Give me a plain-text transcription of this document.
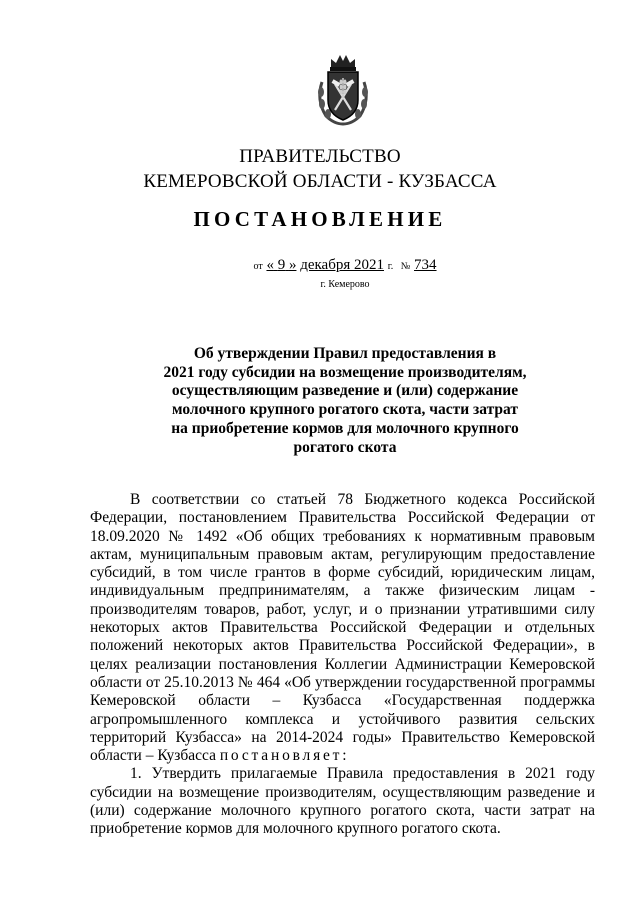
ПРАВИТЕЛЬСТВО
КЕМЕРОВСКОЙ ОБЛАСТИ - КУЗБАССА
ПОСТАНОВЛЕНИЕ
от « 9 » декабря 2021 г. № 734
г. Кемерово
Об утверждении Правил предоставления в
2021 году субсидии на возмещение производителям,
осуществляющим разведение и (или) содержание
молочного крупного рогатого скота, части затрат
на приобретение кормов для молочного крупного
рогатого скота

В соответствии со статьей 78 Бюджетного кодекса Российской Федерации, постановлением Правительства Российской Федерации от 18.09.2020 № 1492 «Об общих требованиях к нормативным правовым актам, муниципальным правовым актам, регулирующим предоставление субсидий, в том числе грантов в форме субсидий, юридическим лицам, индивидуальным предпринимателям, а также физическим лицам - производителям товаров, работ, услуг, и о признании утратившими силу некоторых актов Правительства Российской Федерации и отдельных положений некоторых актов Правительства Российской Федерации», в целях реализации постановления Коллегии Администрации Кемеровской области от 25.10.2013 № 464 «Об утверждении государственной программы Кемеровской области – Кузбасса «Государственная поддержка агропромышленного комплекса и устойчивого развития сельских территорий Кузбасса» на 2014-2024 годы» Правительство Кемеровской области – Кузбасса постановляет:

1. Утвердить прилагаемые Правила предоставления в 2021 году субсидии на возмещение производителям, осуществляющим разведение и (или) содержание молочного крупного рогатого скота, части затрат на приобретение кормов для молочного крупного рогатого скота.
